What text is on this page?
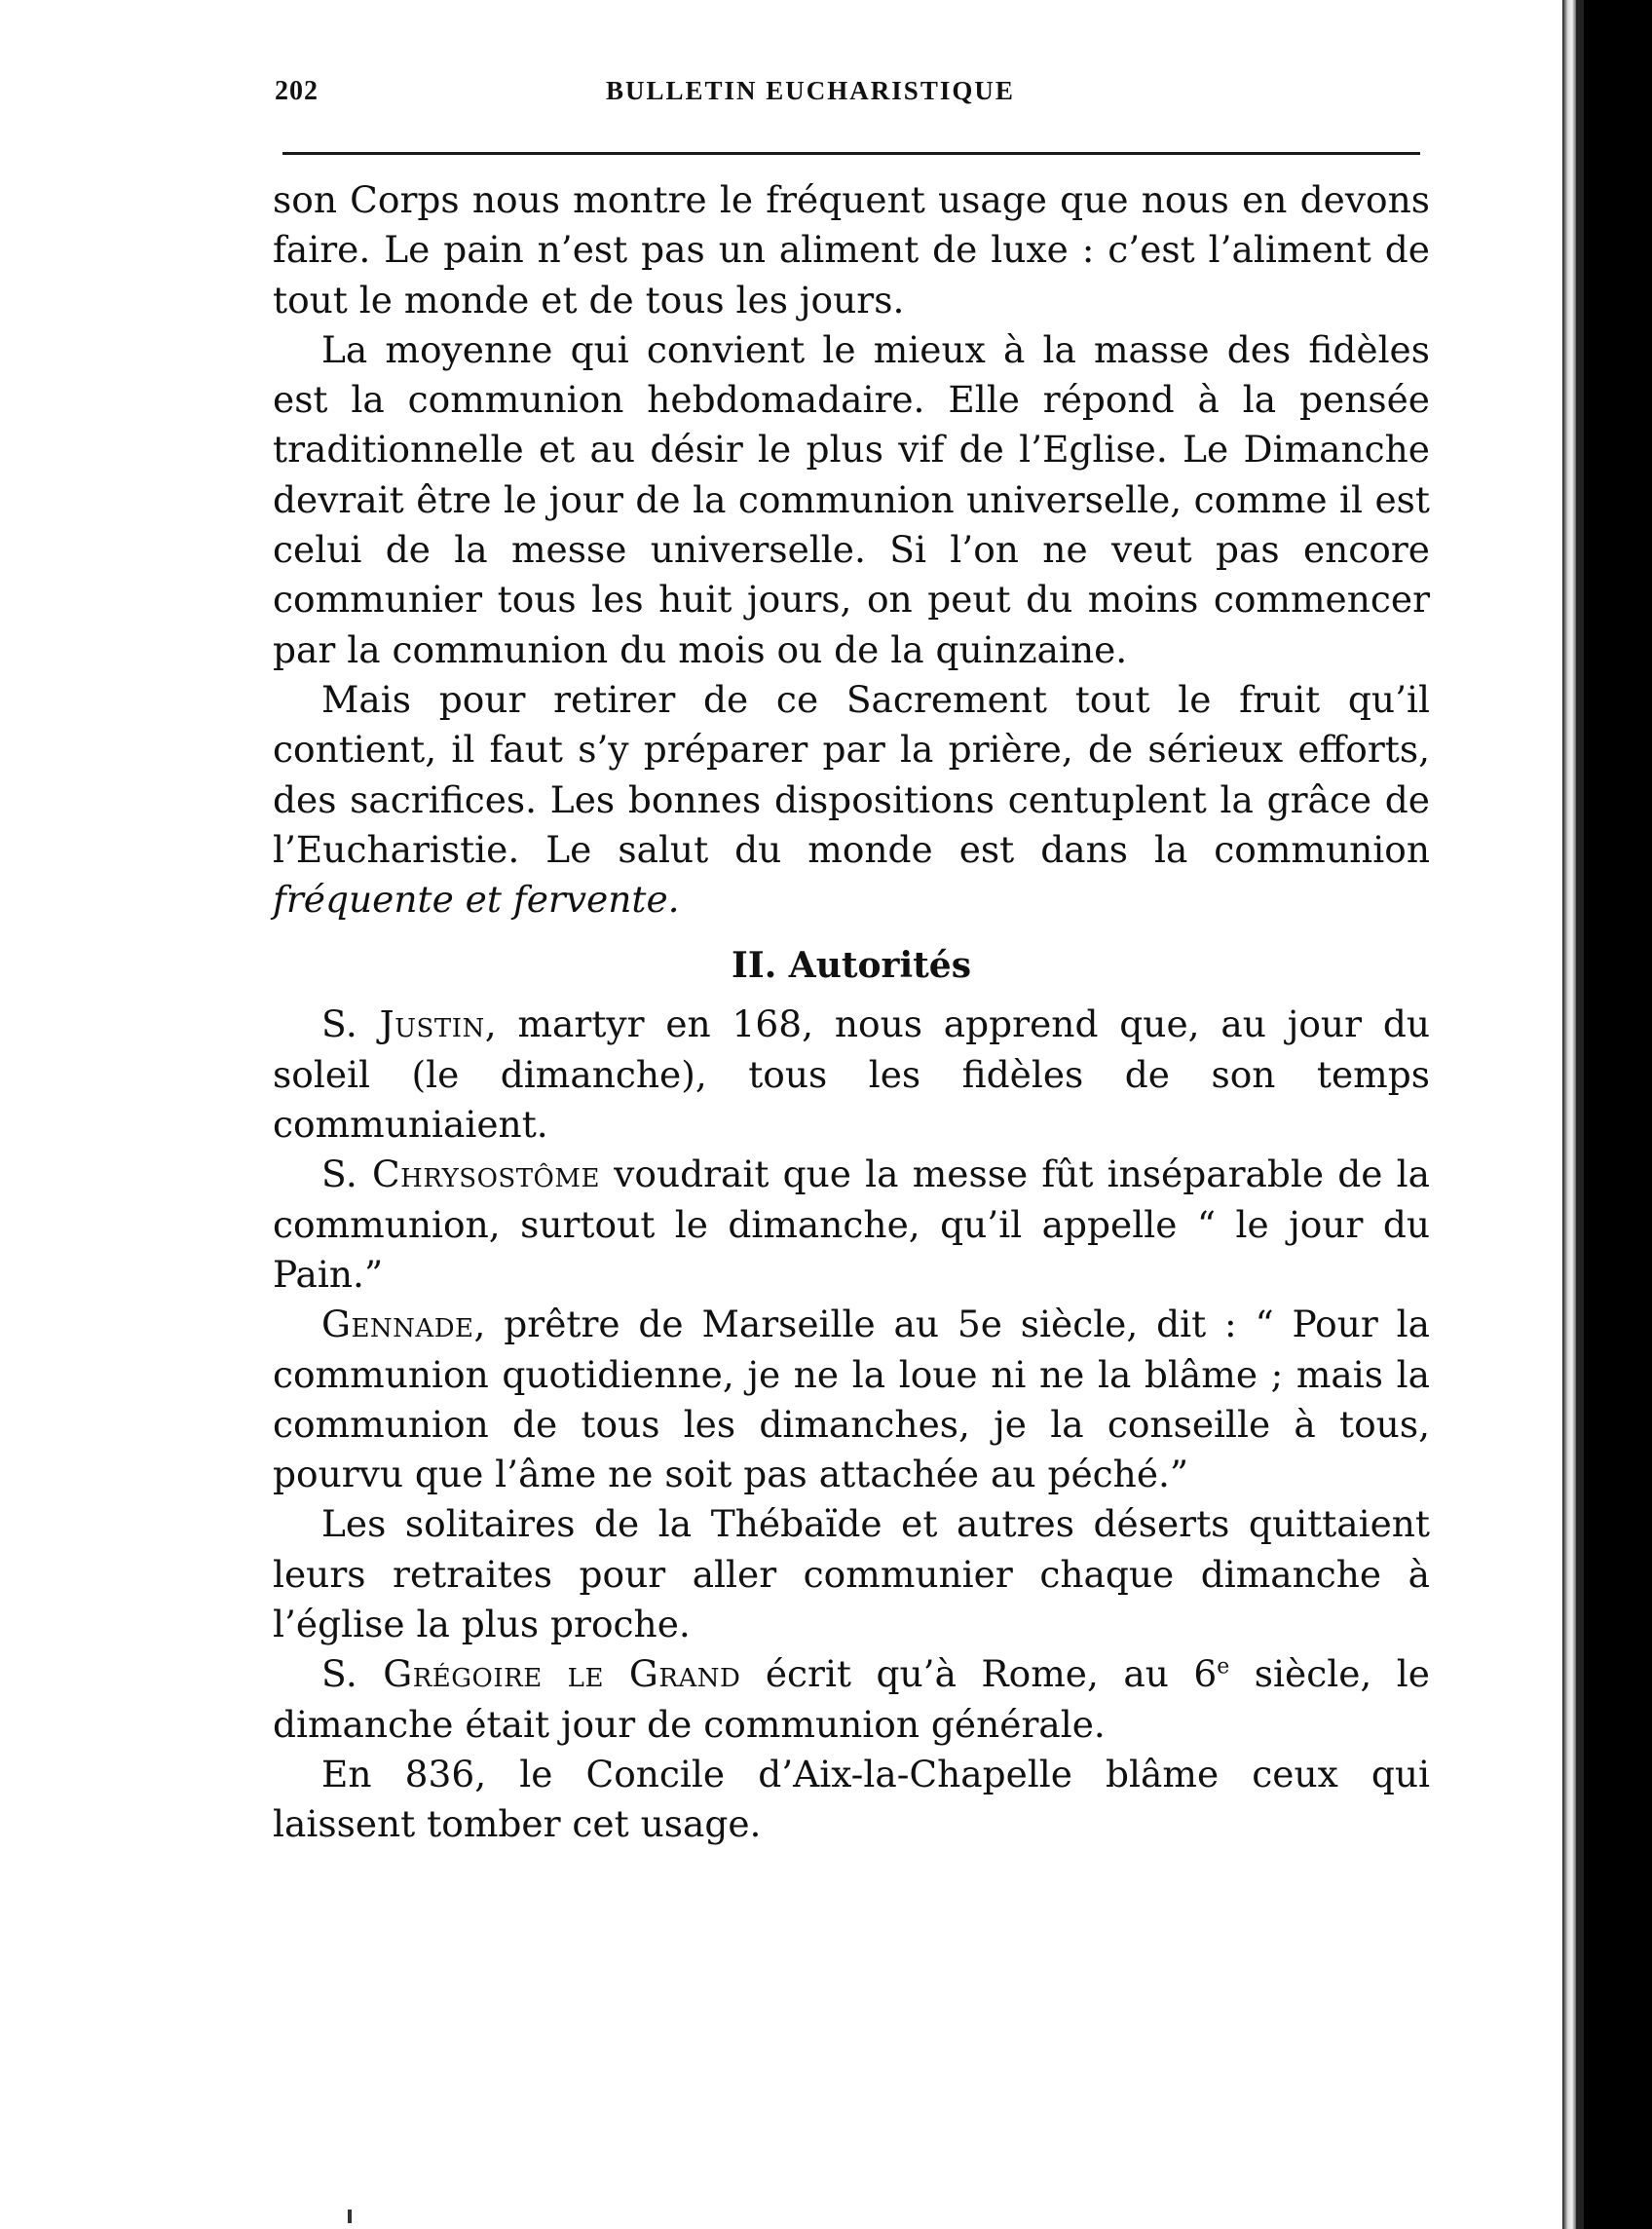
202	BULLETIN EUCHARISTIQUE

son Corps nous montre le fréquent usage que nous en devons faire. Le pain n’est pas un aliment de luxe : c’est l’aliment de tout le monde et de tous les jours.

La moyenne qui convient le mieux à la masse des fidèles est la communion hebdomadaire. Elle répond à la pensée traditionnelle et au désir le plus vif de l’Eglise. Le Dimanche devrait être le jour de la communion universelle, comme il est celui de la messe universelle. Si l’on ne veut pas encore communier tous les huit jours, on peut du moins commencer par la communion du mois ou de la quinzaine.

Mais pour retirer de ce Sacrement tout le fruit qu’il contient, il faut s’y préparer par la prière, de sérieux efforts, des sacrifices. Les bonnes dispositions centuplent la grâce de l’Eucharistie. Le salut du monde est dans la communion fréquente et fervente.

II. Autorités

S. Justin, martyr en 168, nous apprend que, au jour du soleil (le dimanche), tous les fidèles de son temps communiaient.

S. Chrysostôme voudrait que la messe fût inséparable de la communion, surtout le dimanche, qu’il appelle “ le jour du Pain.”

Gennade, prêtre de Marseille au 5e siècle, dit : “ Pour la communion quotidienne, je ne la loue ni ne la blâme ; mais la communion de tous les dimanches, je la conseille à tous, pourvu que l’âme ne soit pas attachée au péché.”

Les solitaires de la Thébaïde et autres déserts quittaient leurs retraites pour aller communier chaque dimanche à l’église la plus proche.

S. Grégoire le Grand écrit qu’à Rome, au 6e siècle, le dimanche était jour de communion générale.

En 836, le Concile d’Aix-la-Chapelle blâme ceux qui laissent tomber cet usage.
